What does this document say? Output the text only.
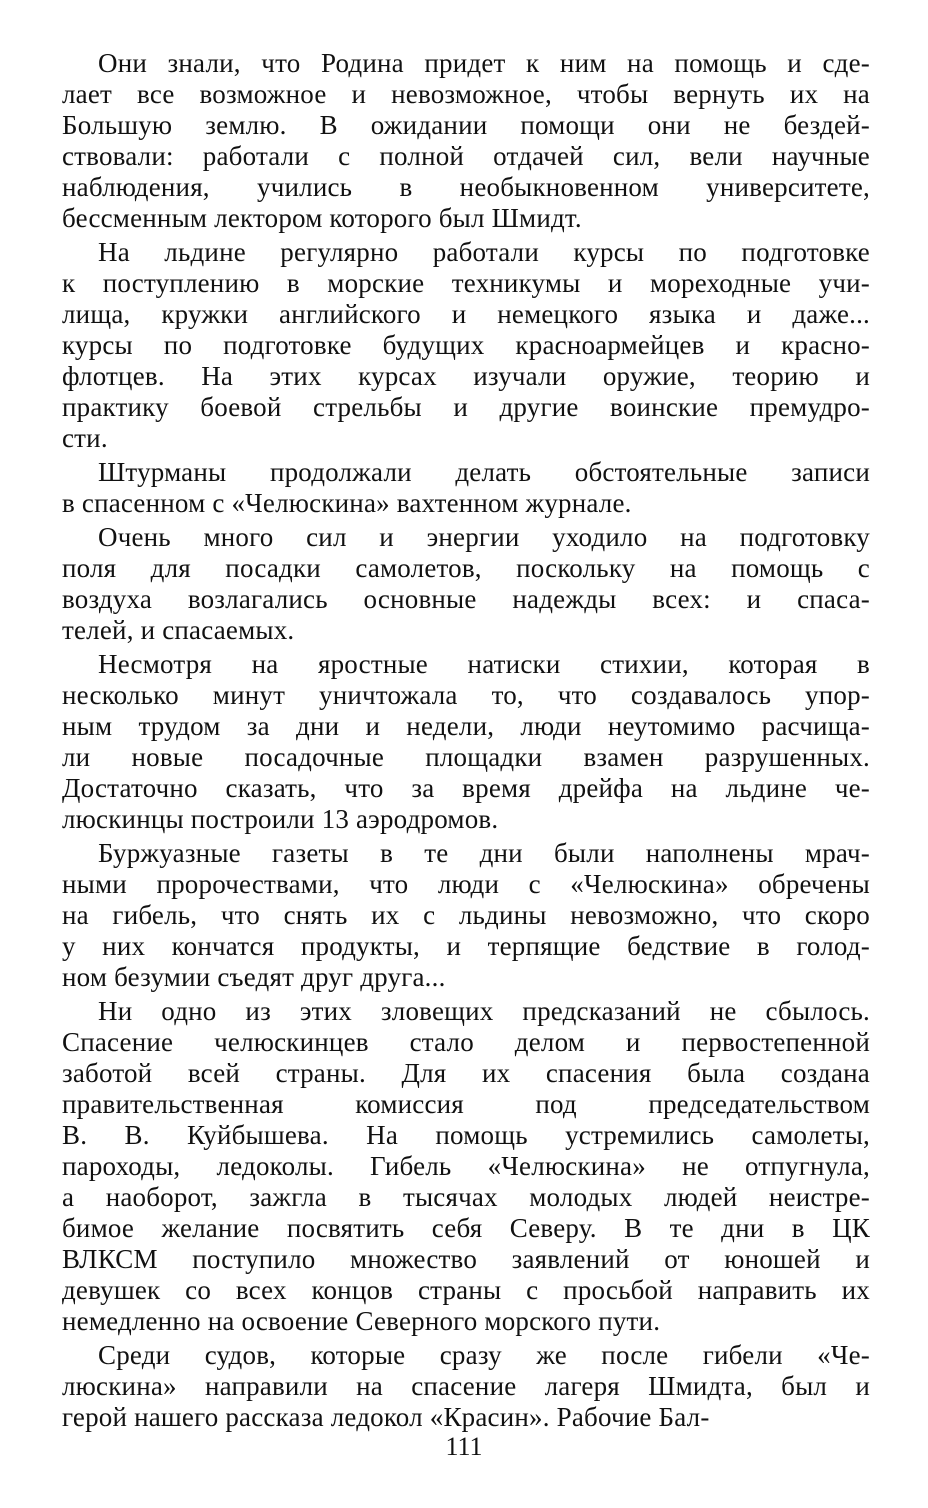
Они знали, что Родина придет к ним на помощь и сде-
лает все возможное и невозможное, чтобы вернуть их на
Большую землю. В ожидании помощи они не бездей-
ствовали: работали с полной отдачей сил, вели научные
наблюдения, учились в необыкновенном университете,
бессменным лектором которого был Шмидт.
На льдине регулярно работали курсы по подготовке
к поступлению в морские техникумы и мореходные учи-
лища, кружки английского и немецкого языка и даже...
курсы по подготовке будущих красноармейцев и красно-
флотцев. На этих курсах изучали оружие, теорию и
практику боевой стрельбы и другие воинские премудро-
сти.
Штурманы продолжали делать обстоятельные записи
в спасенном с «Челюскина» вахтенном журнале.
Очень много сил и энергии уходило на подготовку
поля для посадки самолетов, поскольку на помощь с
воздуха возлагались основные надежды всех: и спаса-
телей, и спасаемых.
Несмотря на яростные натиски стихии, которая в
несколько минут уничтожала то, что создавалось упор-
ным трудом за дни и недели, люди неутомимо расчища-
ли новые посадочные площадки взамен разрушенных.
Достаточно сказать, что за время дрейфа на льдине че-
люскинцы построили 13 аэродромов.
Буржуазные газеты в те дни были наполнены мрач-
ными пророчествами, что люди с «Челюскина» обречены
на гибель, что снять их с льдины невозможно, что скоро
у них кончатся продукты, и терпящие бедствие в голод-
ном безумии съедят друг друга...
Ни одно из этих зловещих предсказаний не сбылось.
Спасение челюскинцев стало делом и первостепенной
заботой всей страны. Для их спасения была создана
правительственная комиссия под председательством
В. В. Куйбышева. На помощь устремились самолеты,
пароходы, ледоколы. Гибель «Челюскина» не отпугнула,
а наоборот, зажгла в тысячах молодых людей неистре-
бимое желание посвятить себя Северу. В те дни в ЦК
ВЛКСМ поступило множество заявлений от юношей и
девушек со всех концов страны с просьбой направить их
немедленно на освоение Северного морского пути.
Среди судов, которые сразу же после гибели «Че-
люскина» направили на спасение лагеря Шмидта, был и
герой нашего рассказа ледокол «Красин». Рабочие Бал-
111
